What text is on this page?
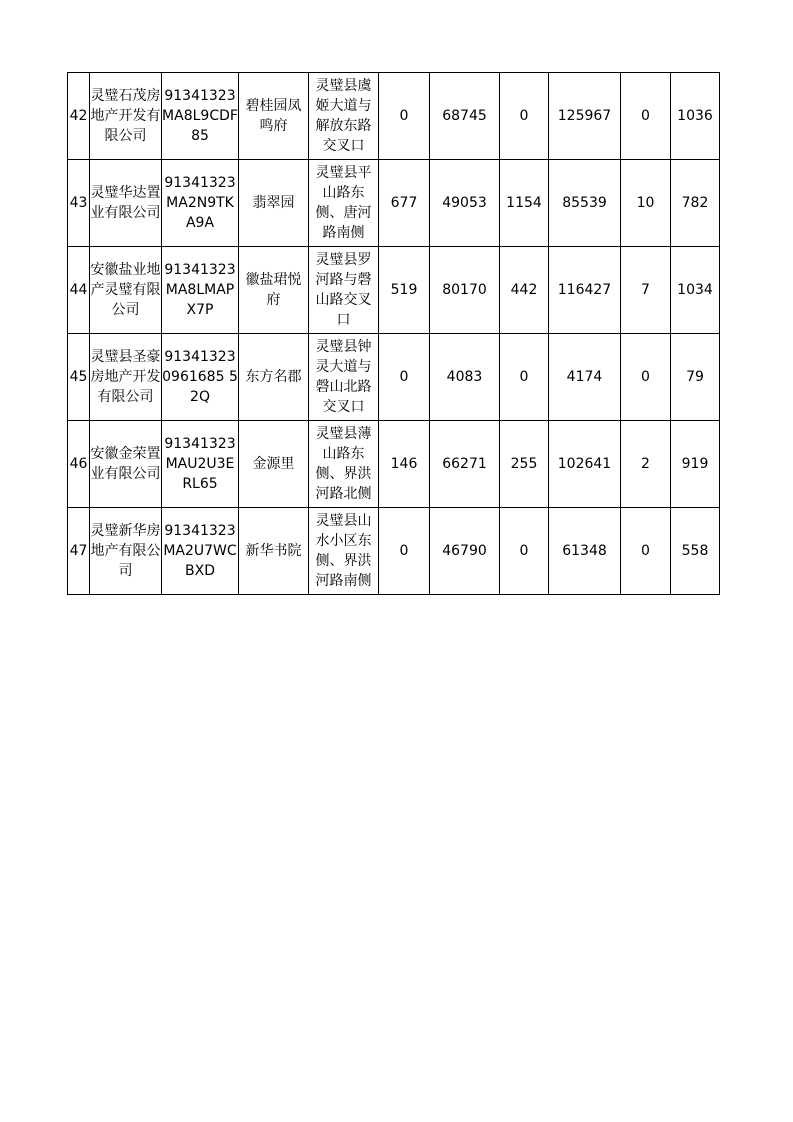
42	灵璧石茂房地产开发有限公司	91341323MA8L9CDF85	碧桂园凤鸣府	灵璧县虞姬大道与解放东路交叉口	0	68745	0	125967	0	1036
43	灵璧华达置业有限公司	91341323MA2N9TKA9A	翡翠园	灵璧县平山路东侧、唐河路南侧	677	49053	1154	85539	10	782
44	安徽盐业地产灵璧有限公司	91341323MA8LMAPX7P	徽盐珺悦府	灵璧县罗河路与磬山路交叉口	519	80170	442	116427	7	1034
45	灵璧县圣豪房地产开发有限公司	913413230961685 52Q	东方名郡	灵璧县钟灵大道与磬山北路交叉口	0	4083	0	4174	0	79
46	安徽金荣置业有限公司	91341323MAU2U3ERL65	金源里	灵璧县薄山路东侧、界洪河路北侧	146	66271	255	102641	2	919
47	灵璧新华房地产有限公司	91341323MA2U7WCBXD	新华书院	灵璧县山水小区东侧、界洪河路南侧	0	46790	0	61348	0	558
